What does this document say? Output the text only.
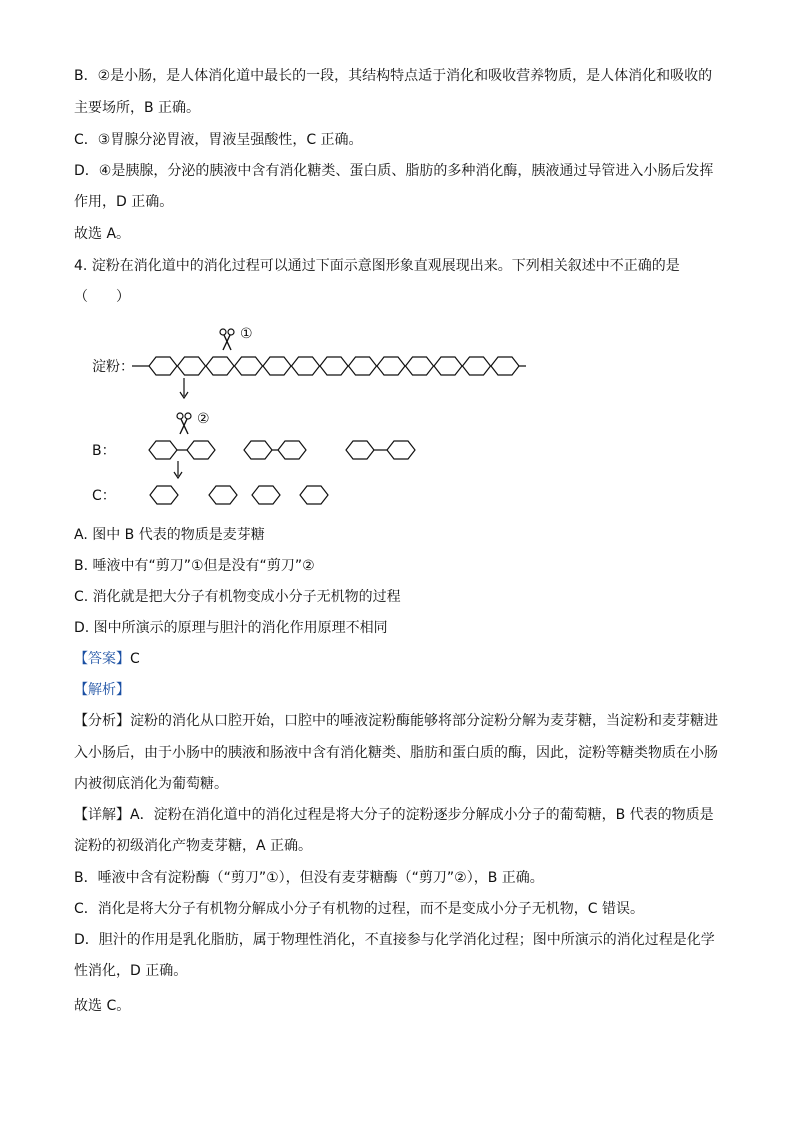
B．②是小肠，是人体消化道中最长的一段，其结构特点适于消化和吸收营养物质，是人体消化和吸收的
主要场所，B 正确。
C．③胃腺分泌胃液，胃液呈强酸性，C 正确。
D．④是胰腺，分泌的胰液中含有消化糖类、蛋白质、脂肪的多种消化酶，胰液通过导管进入小肠后发挥
作用，D 正确。
故选 A。
4. 淀粉在消化道中的消化过程可以通过下面示意图形象直观展现出来。下列相关叙述中不正确的是
（　　）
淀粉：
①
②
B：
C：
A. 图中 B 代表的物质是麦芽糖
B. 唾液中有“剪刀”①但是没有“剪刀”②
C. 消化就是把大分子有机物变成小分子无机物的过程
D. 图中所演示的原理与胆汁的消化作用原理不相同
【答案】C
【解析】
【分析】淀粉的消化从口腔开始，口腔中的唾液淀粉酶能够将部分淀粉分解为麦芽糖，当淀粉和麦芽糖进
入小肠后，由于小肠中的胰液和肠液中含有消化糖类、脂肪和蛋白质的酶，因此，淀粉等糖类物质在小肠
内被彻底消化为葡萄糖。
【详解】A．淀粉在消化道中的消化过程是将大分子的淀粉逐步分解成小分子的葡萄糖，B 代表的物质是
淀粉的初级消化产物麦芽糖，A 正确。
B．唾液中含有淀粉酶（“剪刀”①），但没有麦芽糖酶（“剪刀”②），B 正确。
C．消化是将大分子有机物分解成小分子有机物的过程，而不是变成小分子无机物，C 错误。
D．胆汁的作用是乳化脂肪，属于物理性消化，不直接参与化学消化过程；图中所演示的消化过程是化学
性消化，D 正确。
故选 C。
